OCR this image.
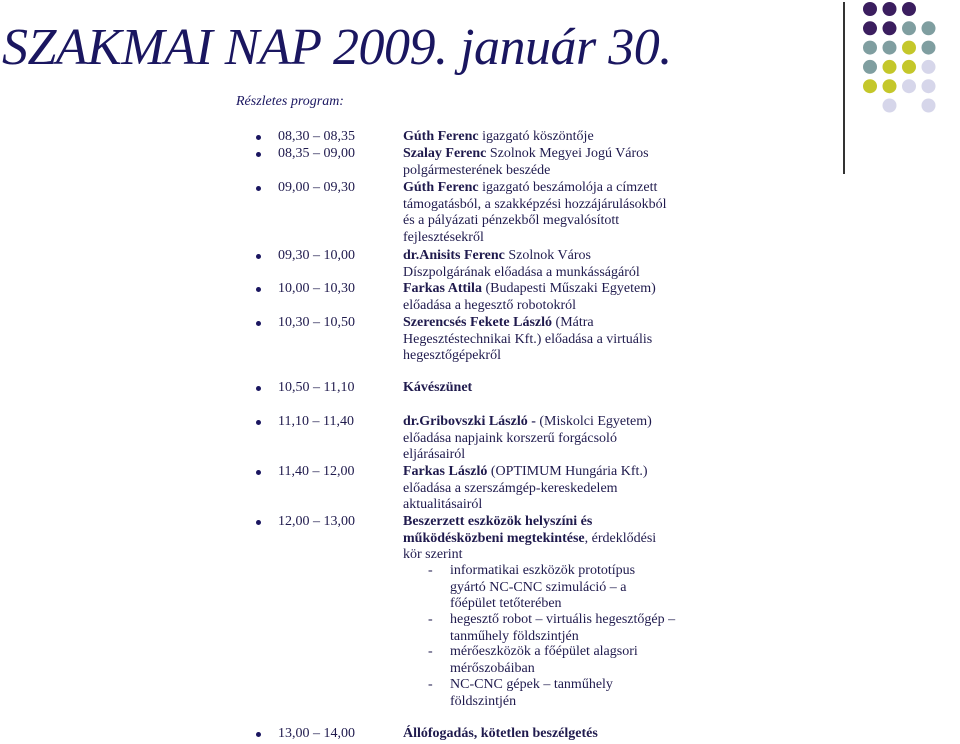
SZAKMAI NAP 2009. január 30.
Részletes program:
08,30 – 08,35	Gúth Ferenc igazgató köszöntője
08,35 – 09,00	Szalay Ferenc Szolnok Megyei Jogú Város polgármesterének beszéde
09,00 – 09,30	Gúth Ferenc igazgató beszámolója a címzett támogatásból, a szakképzési hozzájárulásokból és a pályázati pénzekből megvalósított fejlesztésekről
09,30 – 10,00	dr.Anisits Ferenc Szolnok Város Díszpolgárának előadása a munkásságáról
10,00 – 10,30	Farkas Attila (Budapesti Műszaki Egyetem) előadása a hegesztő robotokról
10,30 – 10,50	Szerencsés Fekete László (Mátra Hegesztéstechnikai Kft.) előadása a virtuális hegesztőgépekről
10,50 – 11,10	Kávészünet
11,10 – 11,40	dr.Gribovszki László - (Miskolci Egyetem) előadása napjaink korszerű forgácsoló eljárásairól
11,40 – 12,00	Farkas László (OPTIMUM Hungária Kft.) előadása a szerszámgép-kereskedelem aktualitásairól
12,00 – 13,00	Beszerzett eszközök helyszíni és működésközbeni megtekintése, érdeklődési kör szerint
- informatikai eszközök prototípus gyártó NC-CNC szimuláció – a főépület tetőterében
- hegesztő robot – virtuális hegesztőgép – tanműhely földszintjén
- mérőeszközök a főépület alagsori mérőszobáiban
- NC-CNC gépek – tanműhely földszintjén
13,00 – 14,00	Állófogadás, kötetlen beszélgetés
